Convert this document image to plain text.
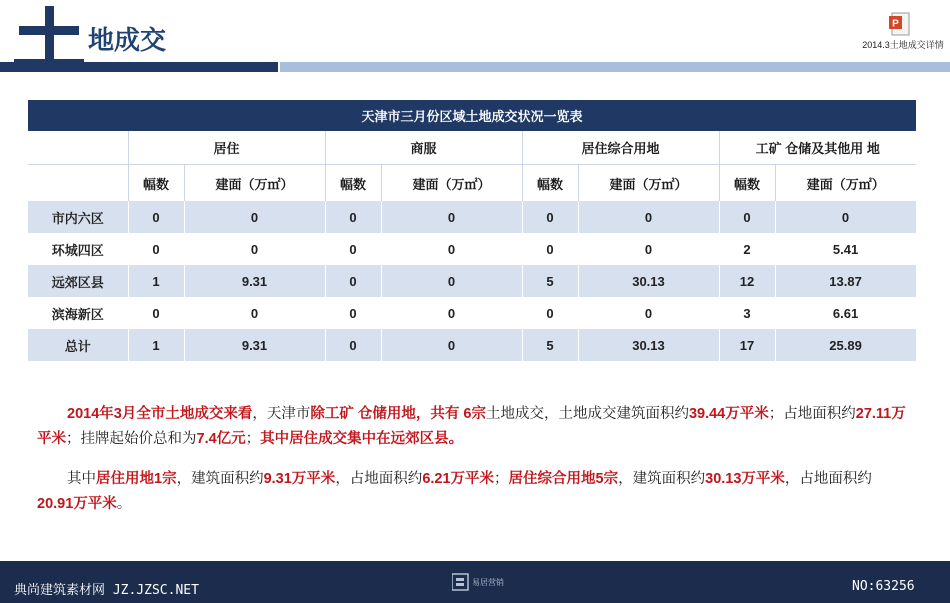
地成交
P
2014.3土地成交详情
天津市三月份区域土地成交状况一览表								
	居住		商服		居住综合用地		工矿 仓储及其他用 地	
	幅数	建面（万㎡）	幅数	建面（万㎡）	幅数	建面（万㎡）	幅数	建面（万㎡）
市内六区	0	0	0	0	0	0	0	0
环城四区	0	0	0	0	0	0	2	5.41
远郊区县	1	9.31	0	0	5	30.13	12	13.87
滨海新区	0	0	0	0	0	0	3	6.61
总计	1	9.31	0	0	5	30.13	17	25.89
2014年3月全市土地成交来看，天津市除工矿 仓储用地，共有 6宗土地成交，土地成交建筑面积约39.44万平米；占地面积约27.11万平米；挂牌起始价总和为7.4亿元；其中居住成交集中在远郊区县。
其中居住用地1宗，建筑面积约9.31万平米，占地面积约6.21万平米；居住综合用地5宗，建筑面积约30.13万平米，占地面积约20.91万平米。
典尚建筑素材网 JZ.JZSC.NET
易居营销	NO:63256
